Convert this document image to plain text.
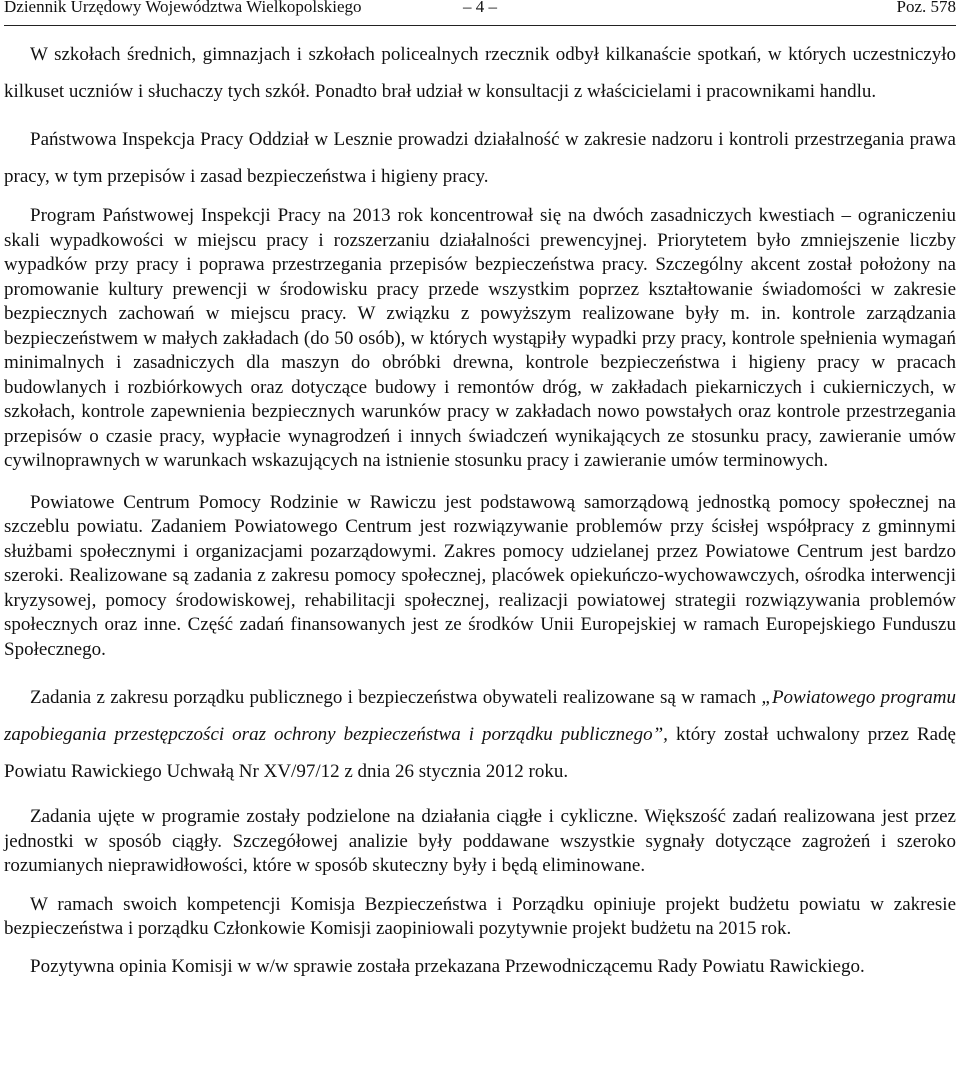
Dziennik Urzędowy Województwa Wielkopolskiego	– 4 –	Poz. 578

W szkołach średnich, gimnazjach i szkołach policealnych rzecznik odbył kilkanaście spotkań, w których uczestniczyło kilkuset uczniów i słuchaczy tych szkół. Ponadto brał udział w konsultacji z właścicielami i pracownikami handlu.

Państwowa Inspekcja Pracy Oddział w Lesznie prowadzi działalność w zakresie nadzoru i kontroli przestrzegania prawa pracy, w tym przepisów i zasad bezpieczeństwa i higieny pracy.

Program Państwowej Inspekcji Pracy na 2013 rok koncentrował się na dwóch zasadniczych kwestiach – ograniczeniu skali wypadkowości w miejscu pracy i rozszerzaniu działalności prewencyjnej. Priorytetem było zmniejszenie liczby wypadków przy pracy i poprawa przestrzegania przepisów bezpieczeństwa pracy. Szczególny akcent został położony na promowanie kultury prewencji w środowisku pracy przede wszystkim poprzez kształtowanie świadomości w zakresie bezpiecznych zachowań w miejscu pracy. W związku z powyższym realizowane były m. in. kontrole zarządzania bezpieczeństwem w małych zakładach (do 50 osób), w których wystąpiły wypadki przy pracy, kontrole spełnienia wymagań minimalnych i zasadniczych dla maszyn do obróbki drewna, kontrole bezpieczeństwa i higieny pracy w pracach budowlanych i rozbiórkowych oraz dotyczące budowy i remontów dróg, w zakładach piekarniczych i cukierniczych, w szkołach, kontrole zapewnienia bezpiecznych warunków pracy w zakładach nowo powstałych oraz kontrole przestrzegania przepisów o czasie pracy, wypłacie wynagrodzeń i innych świadczeń wynikających ze stosunku pracy, zawieranie umów cywilnoprawnych w warunkach wskazujących na istnienie stosunku pracy i zawieranie umów terminowych.

Powiatowe Centrum Pomocy Rodzinie w Rawiczu jest podstawową samorządową jednostką pomocy społecznej na szczeblu powiatu. Zadaniem Powiatowego Centrum jest rozwiązywanie problemów przy ścisłej współpracy z gminnymi służbami społecznymi i organizacjami pozarządowymi. Zakres pomocy udzielanej przez Powiatowe Centrum jest bardzo szeroki. Realizowane są zadania z zakresu pomocy społecznej, placówek opiekuńczo-wychowawczych, ośrodka interwencji kryzysowej, pomocy środowiskowej, rehabilitacji społecznej, realizacji powiatowej strategii rozwiązywania problemów społecznych oraz inne. Część zadań finansowanych jest ze środków Unii Europejskiej w ramach Europejskiego Funduszu Społecznego.

Zadania z zakresu porządku publicznego i bezpieczeństwa obywateli realizowane są w ramach „Powiatowego programu zapobiegania przestępczości oraz ochrony bezpieczeństwa i porządku publicznego”, który został uchwalony przez Radę Powiatu Rawickiego Uchwałą Nr XV/97/12 z dnia 26 stycznia 2012 roku.

Zadania ujęte w programie zostały podzielone na działania ciągłe i cykliczne. Większość zadań realizowana jest przez jednostki w sposób ciągły. Szczegółowej analizie były poddawane wszystkie sygnały dotyczące zagrożeń i szeroko rozumianych nieprawidłowości, które w sposób skuteczny były i będą eliminowane.

W ramach swoich kompetencji Komisja Bezpieczeństwa i Porządku opiniuje projekt budżetu powiatu w zakresie bezpieczeństwa i porządku Członkowie Komisji zaopiniowali pozytywnie projekt budżetu na 2015 rok.

Pozytywna opinia Komisji w w/w sprawie została przekazana Przewodniczącemu Rady Powiatu Rawickiego.
